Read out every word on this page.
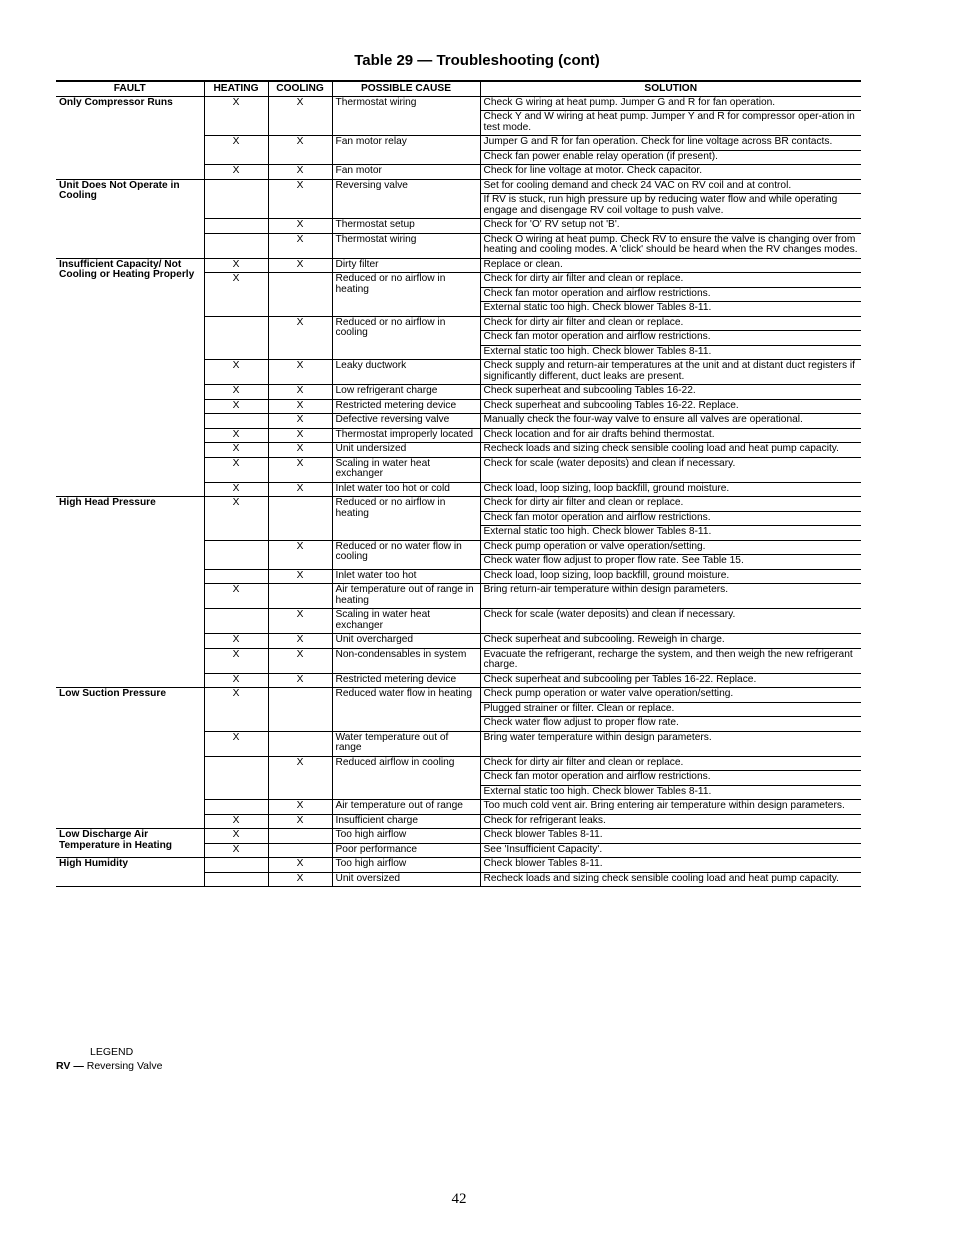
Table 29 — Troubleshooting (cont)
FAULT	HEATING	COOLING	POSSIBLE CAUSE	SOLUTION
Only Compressor Runs	X	X	Thermostat wiring	Check G wiring at heat pump. Jumper G and R for fan operation.
				Check Y and W wiring at heat pump. Jumper Y and R for compressor oper-ation in test mode.
	X	X	Fan motor relay	Jumper G and R for fan operation. Check for line voltage across BR contacts.
				Check fan power enable relay operation (if present).
	X	X	Fan motor	Check for line voltage at motor. Check capacitor.
Unit Does Not Operate in Cooling		X	Reversing valve	Set for cooling demand and check 24 VAC on RV coil and at control.
				If RV is stuck, run high pressure up by reducing water flow and while operating engage and disengage RV coil voltage to push valve.
		X	Thermostat setup	Check for 'O' RV setup not 'B'.
		X	Thermostat wiring	Check O wiring at heat pump. Check RV to ensure the valve is changing over from heating and cooling modes. A 'click' should be heard when the RV changes modes.
Insufficient Capacity/ Not Cooling or Heating Properly	X	X	Dirty filter	Replace or clean.
	X		Reduced or no airflow in heating	Check for dirty air filter and clean or replace.
				Check fan motor operation and airflow restrictions.
				External static too high. Check blower Tables 8-11.
		X	Reduced or no airflow in cooling	Check for dirty air filter and clean or replace.
				Check fan motor operation and airflow restrictions.
				External static too high. Check blower Tables 8-11.
	X	X	Leaky ductwork	Check supply and return-air temperatures at the unit and at distant duct registers if significantly different, duct leaks are present.
	X	X	Low refrigerant charge	Check superheat and subcooling Tables 16-22.
	X	X	Restricted metering device	Check superheat and subcooling Tables 16-22. Replace.
		X	Defective reversing valve	Manually check the four-way valve to ensure all valves are operational.
	X	X	Thermostat improperly located	Check location and for air drafts behind thermostat.
	X	X	Unit undersized	Recheck loads and sizing check sensible cooling load and heat pump capacity.
	X	X	Scaling in water heat exchanger	Check for scale (water deposits) and clean if necessary.
	X	X	Inlet water too hot or cold	Check load, loop sizing, loop backfill, ground moisture.
High Head Pressure	X		Reduced or no airflow in heating	Check for dirty air filter and clean or replace.
				Check fan motor operation and airflow restrictions.
				External static too high. Check blower Tables 8-11.
		X	Reduced or no water flow in cooling	Check pump operation or valve operation/setting.
				Check water flow adjust to proper flow rate. See Table 15.
		X	Inlet water too hot	Check load, loop sizing, loop backfill, ground moisture.
	X		Air temperature out of range in heating	Bring return-air temperature within design parameters.
		X	Scaling in water heat exchanger	Check for scale (water deposits) and clean if necessary.
	X	X	Unit overcharged	Check superheat and subcooling. Reweigh in charge.
	X	X	Non-condensables in system	Evacuate the refrigerant, recharge the system, and then weigh the new refrigerant charge.
	X	X	Restricted metering device	Check superheat and subcooling per Tables 16-22. Replace.
Low Suction Pressure	X		Reduced water flow in heating	Check pump operation or water valve operation/setting.
				Plugged strainer or filter. Clean or replace.
				Check water flow adjust to proper flow rate.
	X		Water temperature out of range	Bring water temperature within design parameters.
		X	Reduced airflow in cooling	Check for dirty air filter and clean or replace.
				Check fan motor operation and airflow restrictions.
				External static too high. Check blower Tables 8-11.
		X	Air temperature out of range	Too much cold vent air. Bring entering air temperature within design parameters.
	X	X	Insufficient charge	Check for refrigerant leaks.
Low Discharge Air Temperature in Heating	X		Too high airflow	Check blower Tables 8-11.
	X		Poor performance	See 'Insufficient Capacity'.
High Humidity		X	Too high airflow	Check blower Tables 8-11.
		X	Unit oversized	Recheck loads and sizing check sensible cooling load and heat pump capacity.
LEGEND
RV — Reversing Valve
42
